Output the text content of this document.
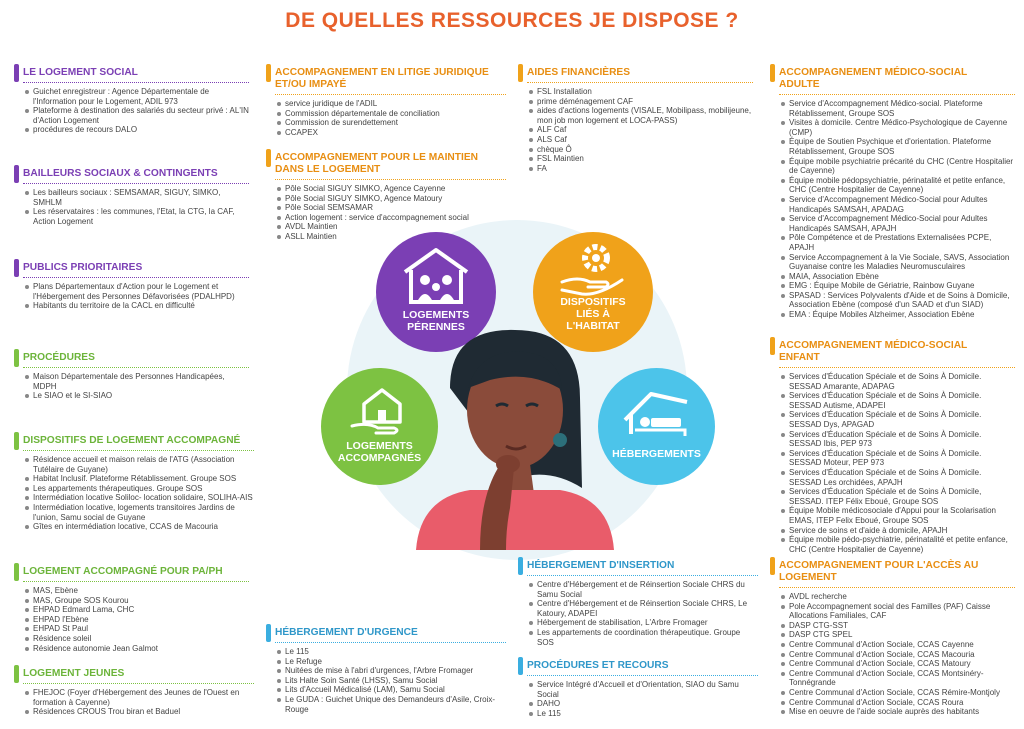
DE QUELLES RESSOURCES JE DISPOSE ?
LE LOGEMENT SOCIAL
Guichet enregistreur : Agence Départementale de l'Information pour le Logement, ADIL 973
Plateforme à destination des salariés du secteur privé : AL'IN d'Action Logement
procédures de recours DALO
BAILLEURS SOCIAUX & CONTINGENTS
Les bailleurs sociaux : SEMSAMAR, SIGUY, SIMKO, SMHLM
Les réservataires : les communes, l'Etat, la CTG, la CAF, Action Logement
PUBLICS PRIORITAIRES
Plans Départementaux d'Action pour le Logement et l'Hébergement des Personnes Défavorisées (PDALHPD)
Habitants du territoire de la CACL en difficulté
PROCÉDURES
Maison Départementale des Personnes Handicapées, MDPH
Le SIAO et le SI-SIAO
DISPOSITIFS DE LOGEMENT ACCOMPAGNÉ
Résidence accueil et maison relais de l'ATG (Association Tutélaire de Guyane)
Habitat Inclusif. Plateforme Rétablissement. Groupe SOS
Les appartements thérapeutiques. Groupe SOS
Intermédiation locative Soliloc- location solidaire, SOLIHA-AIS
Intermédiation locative, logements transitoires Jardins de l'union, Samu social de Guyane
Gîtes en intermédiation locative, CCAS de Macouria
LOGEMENT ACCOMPAGNÉ POUR PA/PH
MAS, Ebène
MAS, Groupe SOS Kourou
EHPAD Edmard Lama, CHC
EHPAD l'Ebène
EHPAD St Paul
Résidence soleil
Résidence autonomie Jean Galmot
LOGEMENT JEUNES
FHEJOC (Foyer d'Hébergement des Jeunes de l'Ouest en formation à Cayenne)
Résidences CROUS Trou biran et Baduel
ACCOMPAGNEMENT EN LITIGE JURIDIQUE
ET/OU IMPAYÉ
service juridique de l'ADIL
Commission départementale de conciliation
Commission de surendettement
CCAPEX
ACCOMPAGNEMENT POUR LE MAINTIEN
DANS LE LOGEMENT
Pôle Social SIGUY SIMKO, Agence Cayenne
Pôle Social SIGUY SIMKO, Agence Matoury
Pôle Social SEMSAMAR
Action logement : service d'accompagnement social
AVDL Maintien
ASLL Maintien
AIDES FINANCIÈRES
FSL Installation
prime déménagement CAF
aides d'actions logements (VISALE, Mobilipass, mobilijeune, mon job mon logement et LOCA-PASS)
ALF Caf
ALS Caf
chèque Ô
FSL Maintien
FA
LOGEMENTS
PÉRENNES
DISPOSITIFS
LIÉS À
L'HABITAT
LOGEMENTS
ACCOMPAGNÉS	HÉBERGEMENTS
HÉBERGEMENT D'URGENCE
Le 115
Le Refuge
Nuitées de mise à l'abri d'urgences, l'Arbre Fromager
Lits Halte Soin Santé (LHSS), Samu Social
Lits d'Accueil Médicalisé (LAM), Samu Social
Le GUDA : Guichet Unique des Demandeurs d'Asile, Croix-Rouge
HÉBERGEMENT D'INSERTION
Centre d'Hébergement et de Réinsertion Sociale CHRS du Samu Social
Centre d'Hébergement et de Réinsertion Sociale CHRS, Le Katoury, ADAPEI
Hébergement de stabilisation, L'Arbre Fromager
Les appartements de coordination thérapeutique. Groupe SOS
PROCÉDURES ET RECOURS
Service Intégré d'Accueil et d'Orientation, SIAO du Samu Social
DAHO
Le 115
ACCOMPAGNEMENT MÉDICO-SOCIAL
ADULTE
Service d'Accompagnement Médico-social. Plateforme Rétablissement, Groupe SOS
Visites à domicile. Centre Médico-Psychologique de Cayenne (CMP)
Équipe de Soutien Psychique et d'orientation. Plateforme Rétablissement, Groupe SOS
Équipe mobile psychiatrie précarité du CHC (Centre Hospitalier de Cayenne)
Équipe mobile pédopsychiatrie, périnatalité et petite enfance, CHC (Centre Hospitalier de Cayenne)
Service d'Accompagnement Médico-Social pour Adultes Handicapés SAMSAH, APADAG
Service d'Accompagnement Médico-Social pour Adultes Handicapés SAMSAH, APAJH
Pôle Compétence et de Prestations Externalisées PCPE, APAJH
Service Accompagnement à la Vie Sociale, SAVS, Association Guyanaise contre les Maladies Neuromusculaires
MAIA, Association Ebène
EMG : Équipe Mobile de Gériatrie, Rainbow Guyane
SPASAD : Services Polyvalents d'Aide et de Soins à Domicile, Association Ebène (composé d'un SAAD et d'un SIAD)
EMA : Équipe Mobiles Alzheimer, Association Ebène
ACCOMPAGNEMENT MÉDICO-SOCIAL
ENFANT
Services d'Éducation Spéciale et de Soins À Domicile. SESSAD Amarante, ADAPAG
Services d'Éducation Spéciale et de Soins À Domicile. SESSAD Autisme, ADAPEI
Services d'Éducation Spéciale et de Soins À Domicile. SESSAD Dys, APAGAD
Services d'Éducation Spéciale et de Soins À Domicile. SESSAD Ibis, PEP 973
Services d'Éducation Spéciale et de Soins À Domicile. SESSAD Moteur, PEP 973
Services d'Éducation Spéciale et de Soins À Domicile. SESSAD Les orchidées, APAJH
Services d'Éducation Spéciale et de Soins À Domicile, SESSAD. ITEP Félix Eboué, Groupe SOS
Équipe Mobile médicosociale d'Appui pour la Scolarisation EMAS, ITEP Felix Eboué, Groupe SOS
Service de soins et d'aide à domicile, APAJH
Équipe mobile pédo-psychiatrie, périnatalité et petite enfance, CHC (Centre Hospitalier de Cayenne)
ACCOMPAGNEMENT POUR L'ACCÈS AU
LOGEMENT
AVDL recherche
Pole Accompagnement social des Familles (PAF) Caisse Allocations Familiales, CAF
DASP CTG-SST
DASP CTG SPEL
Centre Communal d'Action Sociale, CCAS Cayenne
Centre Communal d'Action Sociale, CCAS Macouria
Centre Communal d'Action Sociale, CCAS Matoury
Centre Communal d'Action Sociale, CCAS Montsinéry-Tonnégrande
Centre Communal d'Action Sociale, CCAS Rémire-Montjoly
Centre Communal d'Action Sociale, CCAS Roura
Mise en oeuvre de l'aide sociale auprès des habitants
